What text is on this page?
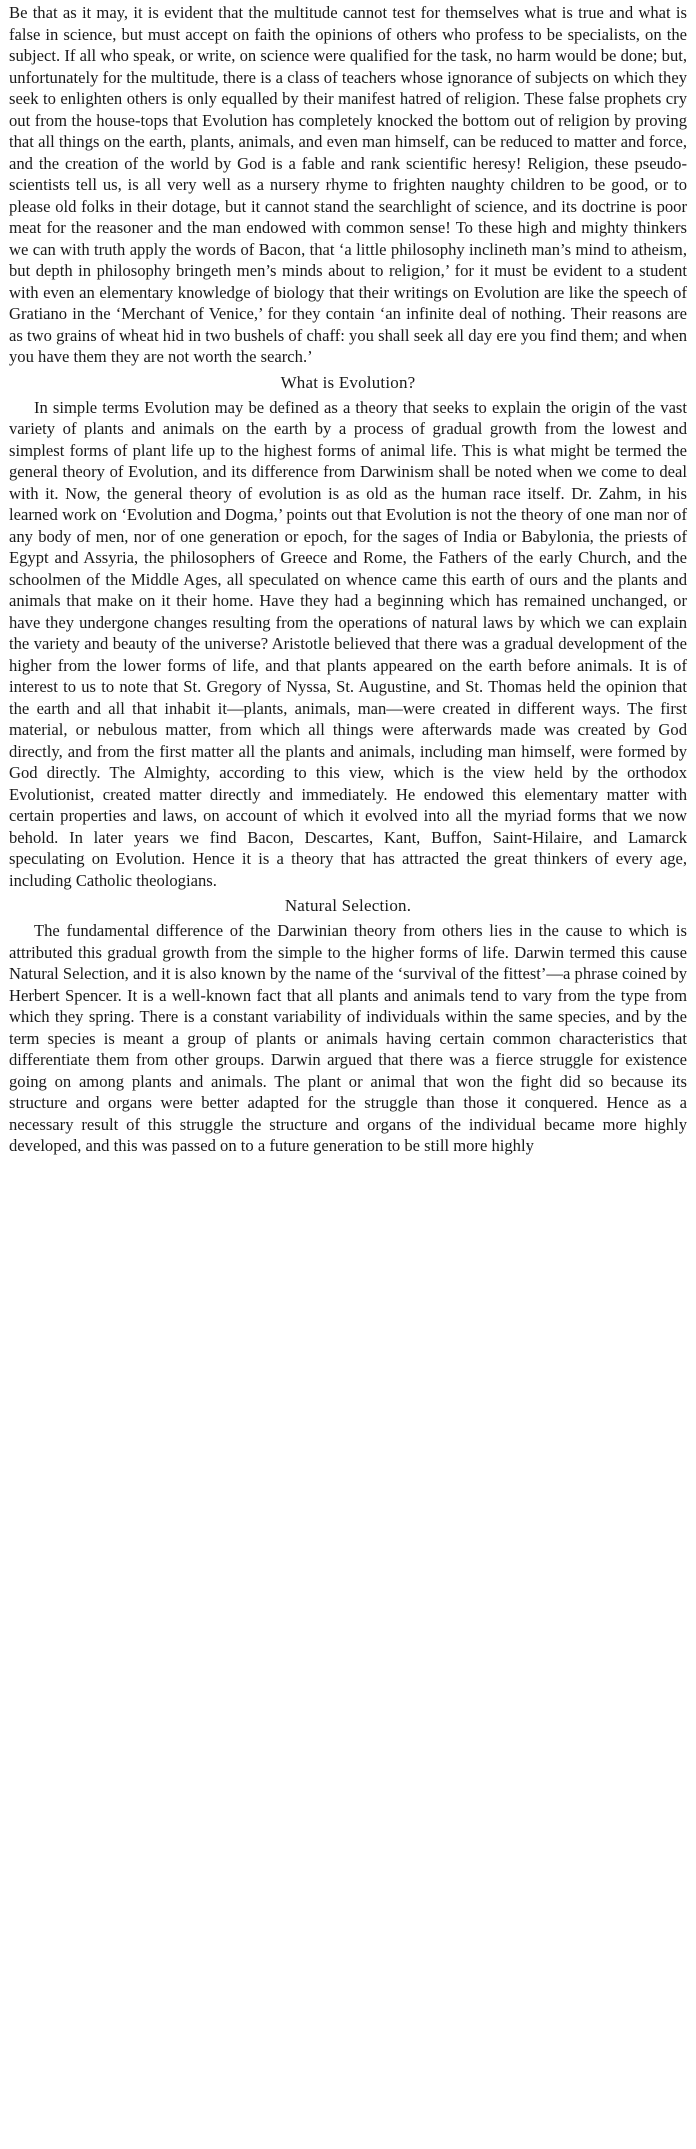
Be that as it may, it is evident that the multitude cannot test for themselves what is true and what is false in science, but must accept on faith the opinions of others who profess to be specialists, on the subject. If all who speak, or write, on science were qualified for the task, no harm would be done; but, unfortunately for the multitude, there is a class of teachers whose ignorance of subjects on which they seek to enlighten others is only equalled by their manifest hatred of religion. These false prophets cry out from the house-tops that Evolution has completely knocked the bottom out of religion by proving that all things on the earth, plants, animals, and even man himself, can be reduced to matter and force, and the creation of the world by God is a fable and rank scientific heresy! Religion, these pseudo-scientists tell us, is all very well as a nursery rhyme to frighten naughty children to be good, or to please old folks in their dotage, but it cannot stand the searchlight of science, and its doctrine is poor meat for the reasoner and the man endowed with common sense! To these high and mighty thinkers we can with truth apply the words of Bacon, that ‘a little philosophy inclineth man’s mind to atheism, but depth in philosophy bringeth men’s minds about to religion,’ for it must be evident to a student with even an elementary knowledge of biology that their writings on Evolution are like the speech of Gratiano in the ‘Merchant of Venice,’ for they contain ‘an infinite deal of nothing. Their reasons are as two grains of wheat hid in two bushels of chaff: you shall seek all day ere you find them; and when you have them they are not worth the search.’

What is Evolution?

In simple terms Evolution may be defined as a theory that seeks to explain the origin of the vast variety of plants and animals on the earth by a process of gradual growth from the lowest and simplest forms of plant life up to the highest forms of animal life. This is what might be termed the general theory of Evolution, and its difference from Darwinism shall be noted when we come to deal with it. Now, the general theory of evolution is as old as the human race itself. Dr. Zahm, in his learned work on ‘Evolution and Dogma,’ points out that Evolution is not the theory of one man nor of any body of men, nor of one generation or epoch, for the sages of India or Babylonia, the priests of Egypt and Assyria, the philosophers of Greece and Rome, the Fathers of the early Church, and the schoolmen of the Middle Ages, all speculated on whence came this earth of ours and the plants and animals that make on it their home. Have they had a beginning which has remained unchanged, or have they undergone changes resulting from the operations of natural laws by which we can explain the variety and beauty of the universe? Aristotle believed that there was a gradual development of the higher from the lower forms of life, and that plants appeared on the earth before animals. It is of interest to us to note that St. Gregory of Nyssa, St. Augustine, and St. Thomas held the opinion that the earth and all that inhabit it—plants, animals, man—were created in different ways. The first material, or nebulous matter, from which all things were afterwards made was created by God directly, and from the first matter all the plants and animals, including man himself, were formed by God directly. The Almighty, according to this view, which is the view held by the orthodox Evolutionist, created matter directly and immediately. He endowed this elementary matter with certain properties and laws, on account of which it evolved into all the myriad forms that we now behold. In later years we find Bacon, Descartes, Kant, Buffon, Saint-Hilaire, and Lamarck speculating on Evolution. Hence it is a theory that has attracted the great thinkers of every age, including Catholic theologians.

Natural Selection.

The fundamental difference of the Darwinian theory from others lies in the cause to which is attributed this gradual growth from the simple to the higher forms of life. Darwin termed this cause Natural Selection, and it is also known by the name of the ‘survival of the fittest’—a phrase coined by Herbert Spencer. It is a well-known fact that all plants and animals tend to vary from the type from which they spring. There is a constant variability of individuals within the same species, and by the term species is meant a group of plants or animals having certain common characteristics that differentiate them from other groups. Darwin argued that there was a fierce struggle for existence going on among plants and animals. The plant or animal that won the fight did so because its structure and organs were better adapted for the struggle than those it conquered. Hence as a necessary result of this struggle the structure and organs of the individual became more highly developed, and this was passed on to a future generation to be still more highly
